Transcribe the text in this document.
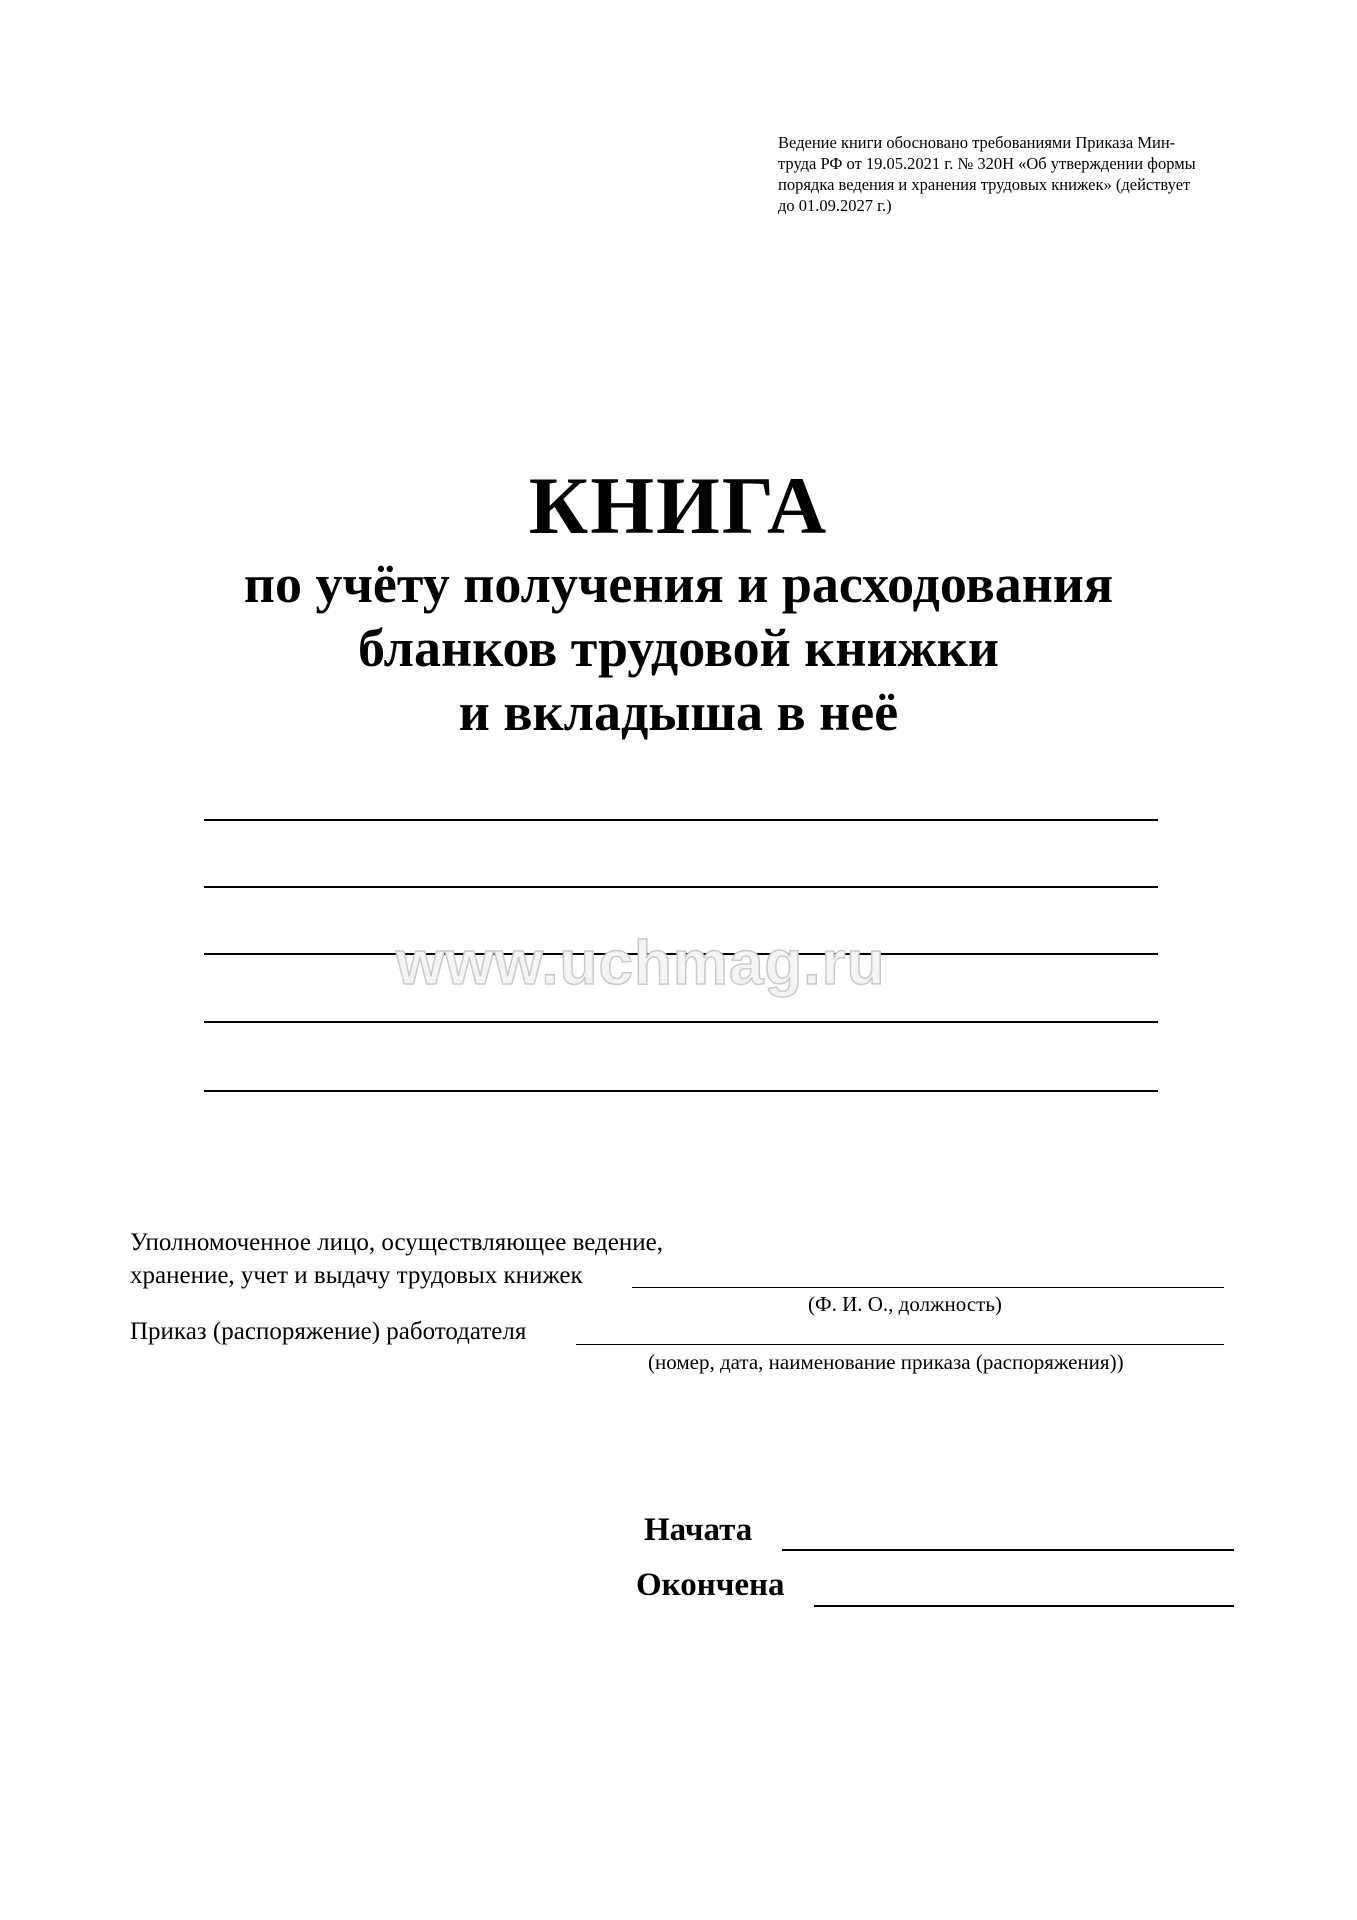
Ведение книги обосновано требованиями Приказа Мин-
труда РФ от 19.05.2021 г. № 320Н «Об утверждении формы
порядка ведения и хранения трудовых книжек» (действует
до 01.09.2027 г.)

КНИГА

по учёту получения и расходования

бланков трудовой книжки

и вкладыша в неё

www.uchmag.ru
Уполномоченное лицо, осуществляющее ведение,
хранение, учет и выдачу трудовых книжек
(Ф. И. О., должность)
Приказ (распоряжение) работодателя
(номер, дата, наименование приказа (распоряжения))
Начата
Окончена
